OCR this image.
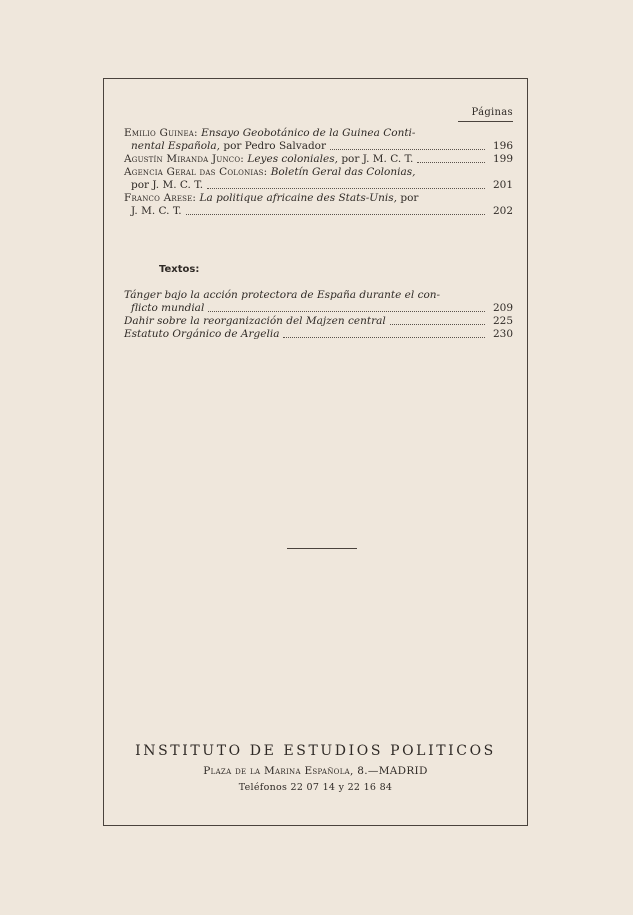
Páginas
Emilio Guinea: Ensayo Geobotánico de la Guinea Conti-
nental Española, por Pedro Salvador	196
Agustín Miranda Junco: Leyes coloniales, por J. M. C. T.	199
Agencia Geral das Colonias: Boletín Geral das Colonias,
por J. M. C. T.	201
Franco Arese: La politique africaine des Stats-Unis, por
J. M. C. T.	202
Textos:
Tánger bajo la acción protectora de España durante el con-
flicto mundial	209
Dahir sobre la reorganización del Majzen central	225
Estatuto Orgánico de Argelia	230
INSTITUTO DE ESTUDIOS POLITICOS
Plaza de la Marina Española, 8.—MADRID
Teléfonos 22 07 14 y 22 16 84
